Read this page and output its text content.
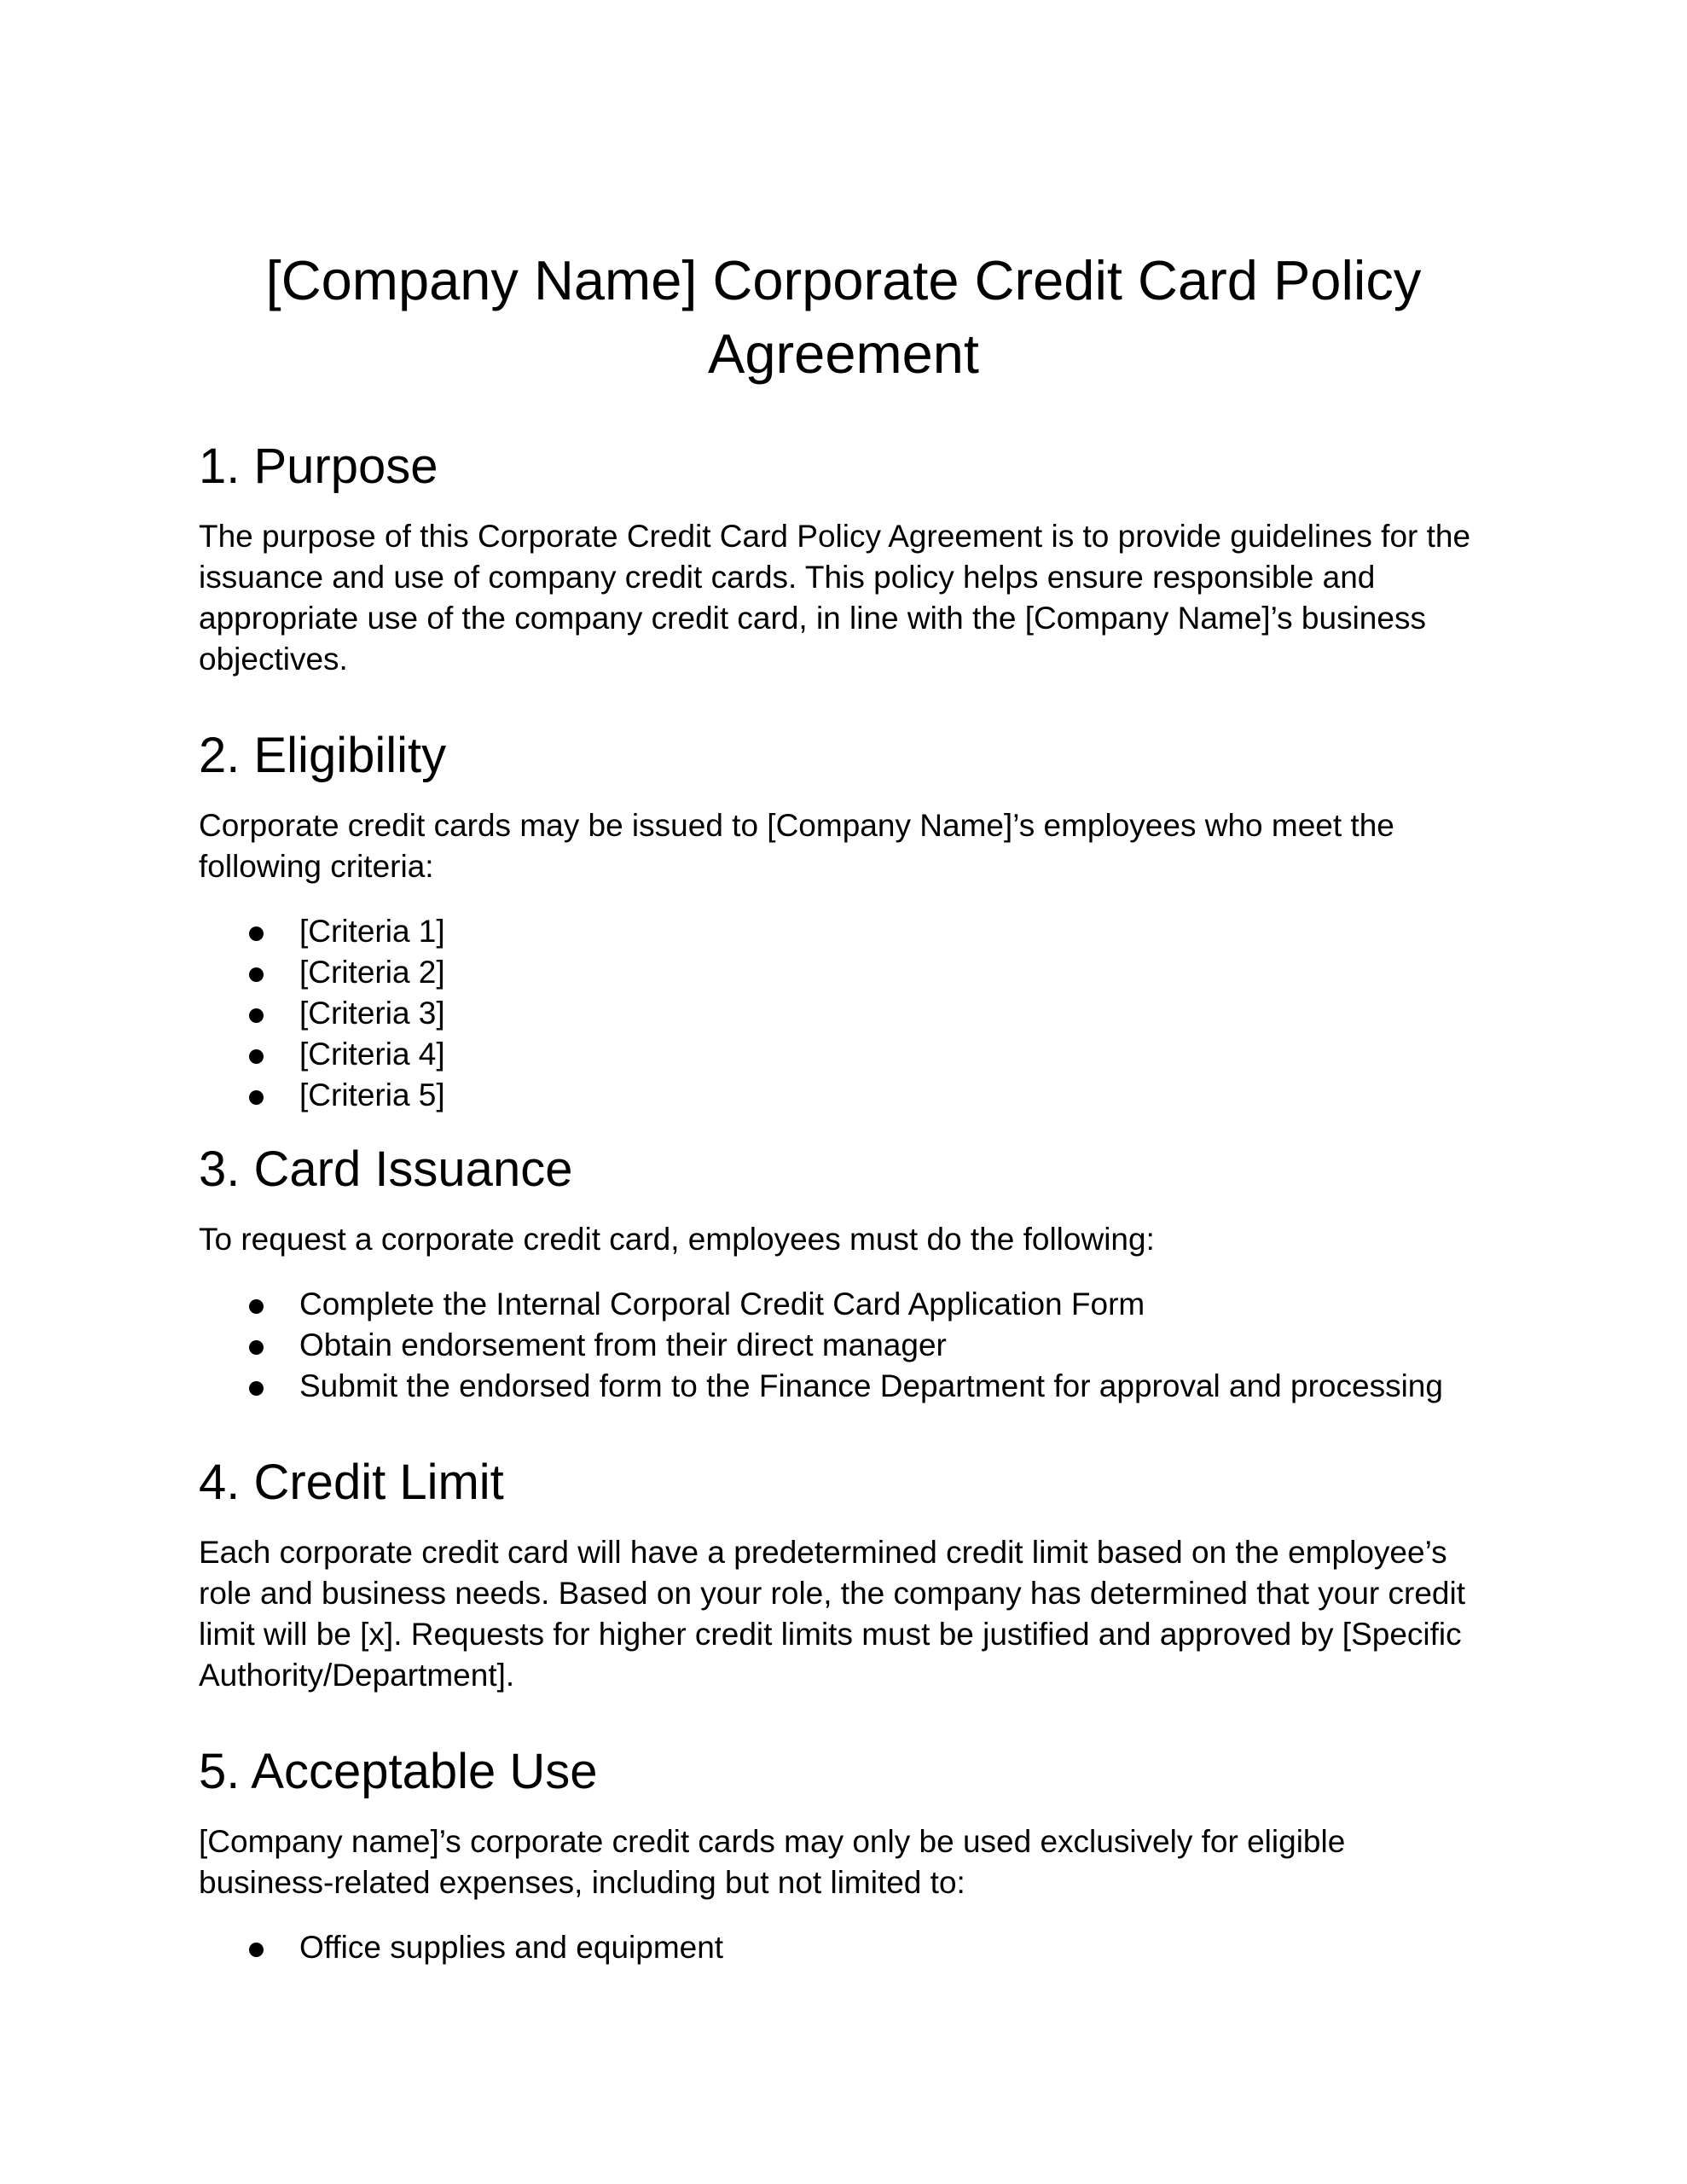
[Company Name] Corporate Credit Card Policy Agreement
1. Purpose

The purpose of this Corporate Credit Card Policy Agreement is to provide guidelines for the issuance and use of company credit cards. This policy helps ensure responsible and appropriate use of the company credit card, in line with the [Company Name]’s business objectives.

2. Eligibility

Corporate credit cards may be issued to [Company Name]’s employees who meet the following criteria:

[Criteria 1]
[Criteria 2]
[Criteria 3]
[Criteria 4]
[Criteria 5]
3. Card Issuance

To request a corporate credit card, employees must do the following:

Complete the Internal Corporal Credit Card Application Form
Obtain endorsement from their direct manager
Submit the endorsed form to the Finance Department for approval and processing
4. Credit Limit

Each corporate credit card will have a predetermined credit limit based on the employee’s role and business needs. Based on your role, the company has determined that your credit limit will be [x]. Requests for higher credit limits must be justified and approved by [Specific Authority/Department].

5. Acceptable Use

[Company name]’s corporate credit cards may only be used exclusively for eligible business‑related expenses, including but not limited to:

Office supplies and equipment
